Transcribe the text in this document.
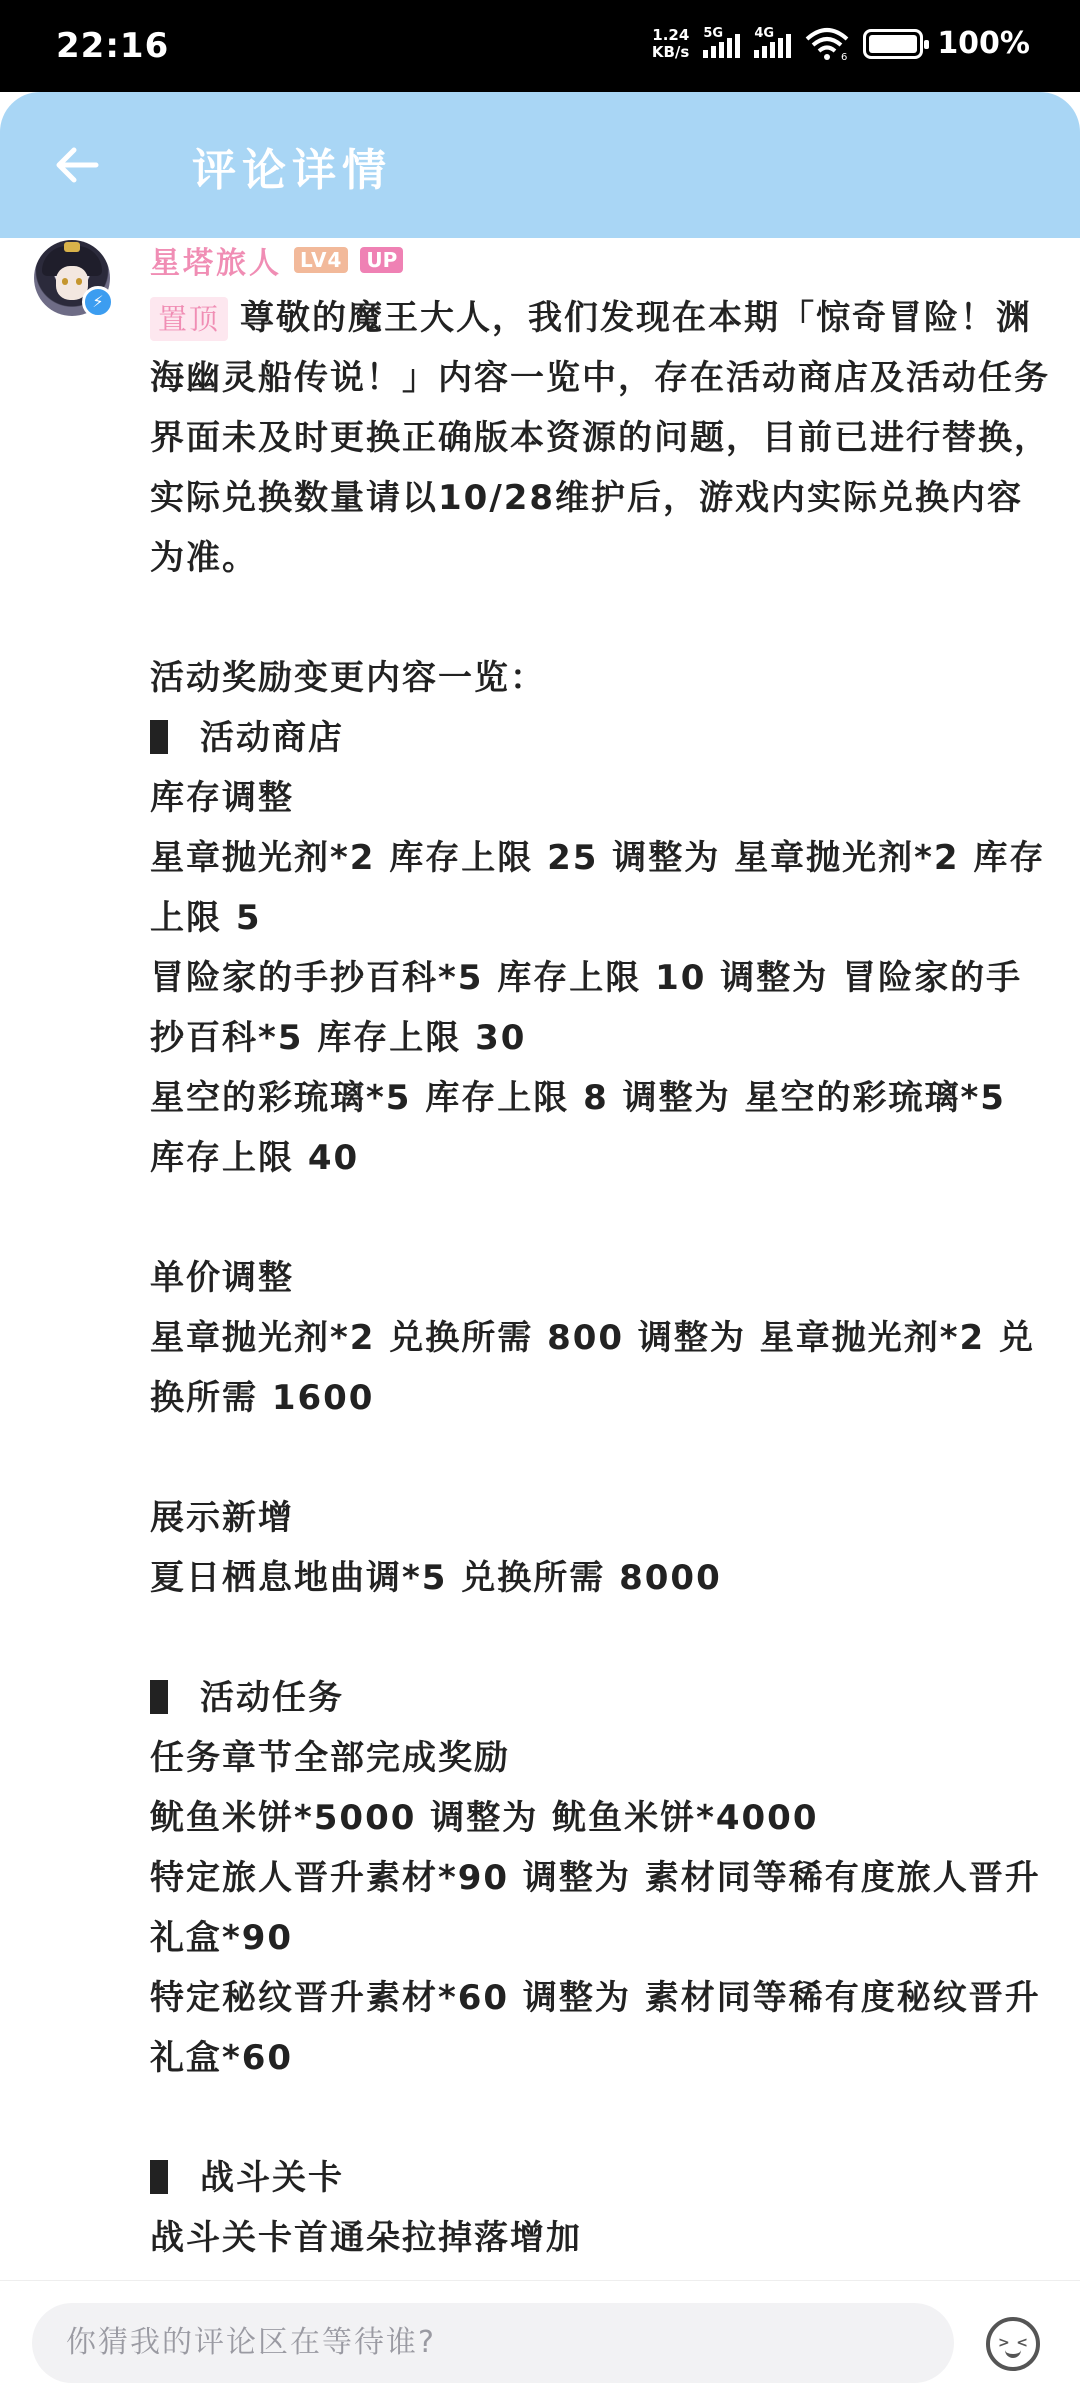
22:16	1.24
KB/s
5G 4G
6	100%
评论详情
⚡
星塔旅人 LV4	UP

置顶 尊敬的魔王大人，我们发现在本期「惊奇冒险！渊海幽灵船传说！」内容一览中，存在活动商店及活动任务界面未及时更换正确版本资源的问题，目前已进行替换，实际兑换数量请以10/28维护后，游戏内实际兑换内容为准。

活动奖励变更内容一览：

活动商店

库存调整

星章抛光剂*2 库存上限 25 调整为 星章抛光剂*2 库存上限 5

冒险家的手抄百科*5 库存上限 10 调整为 冒险家的手抄百科*5 库存上限 30

星空的彩琉璃*5 库存上限 8 调整为 星空的彩琉璃*5 库存上限 40

单价调整

星章抛光剂*2 兑换所需 800 调整为 星章抛光剂*2 兑换所需 1600

展示新增

夏日栖息地曲调*5 兑换所需 8000

活动任务

任务章节全部完成奖励

鱿鱼米饼*5000 调整为 鱿鱼米饼*4000

特定旅人晋升素材*90 调整为 素材同等稀有度旅人晋升礼盒*90

特定秘纹晋升素材*60 调整为 素材同等稀有度秘纹晋升礼盒*60

战斗关卡

战斗关卡首通朵拉掉落增加

你猜我的评论区在等待谁?	> <
